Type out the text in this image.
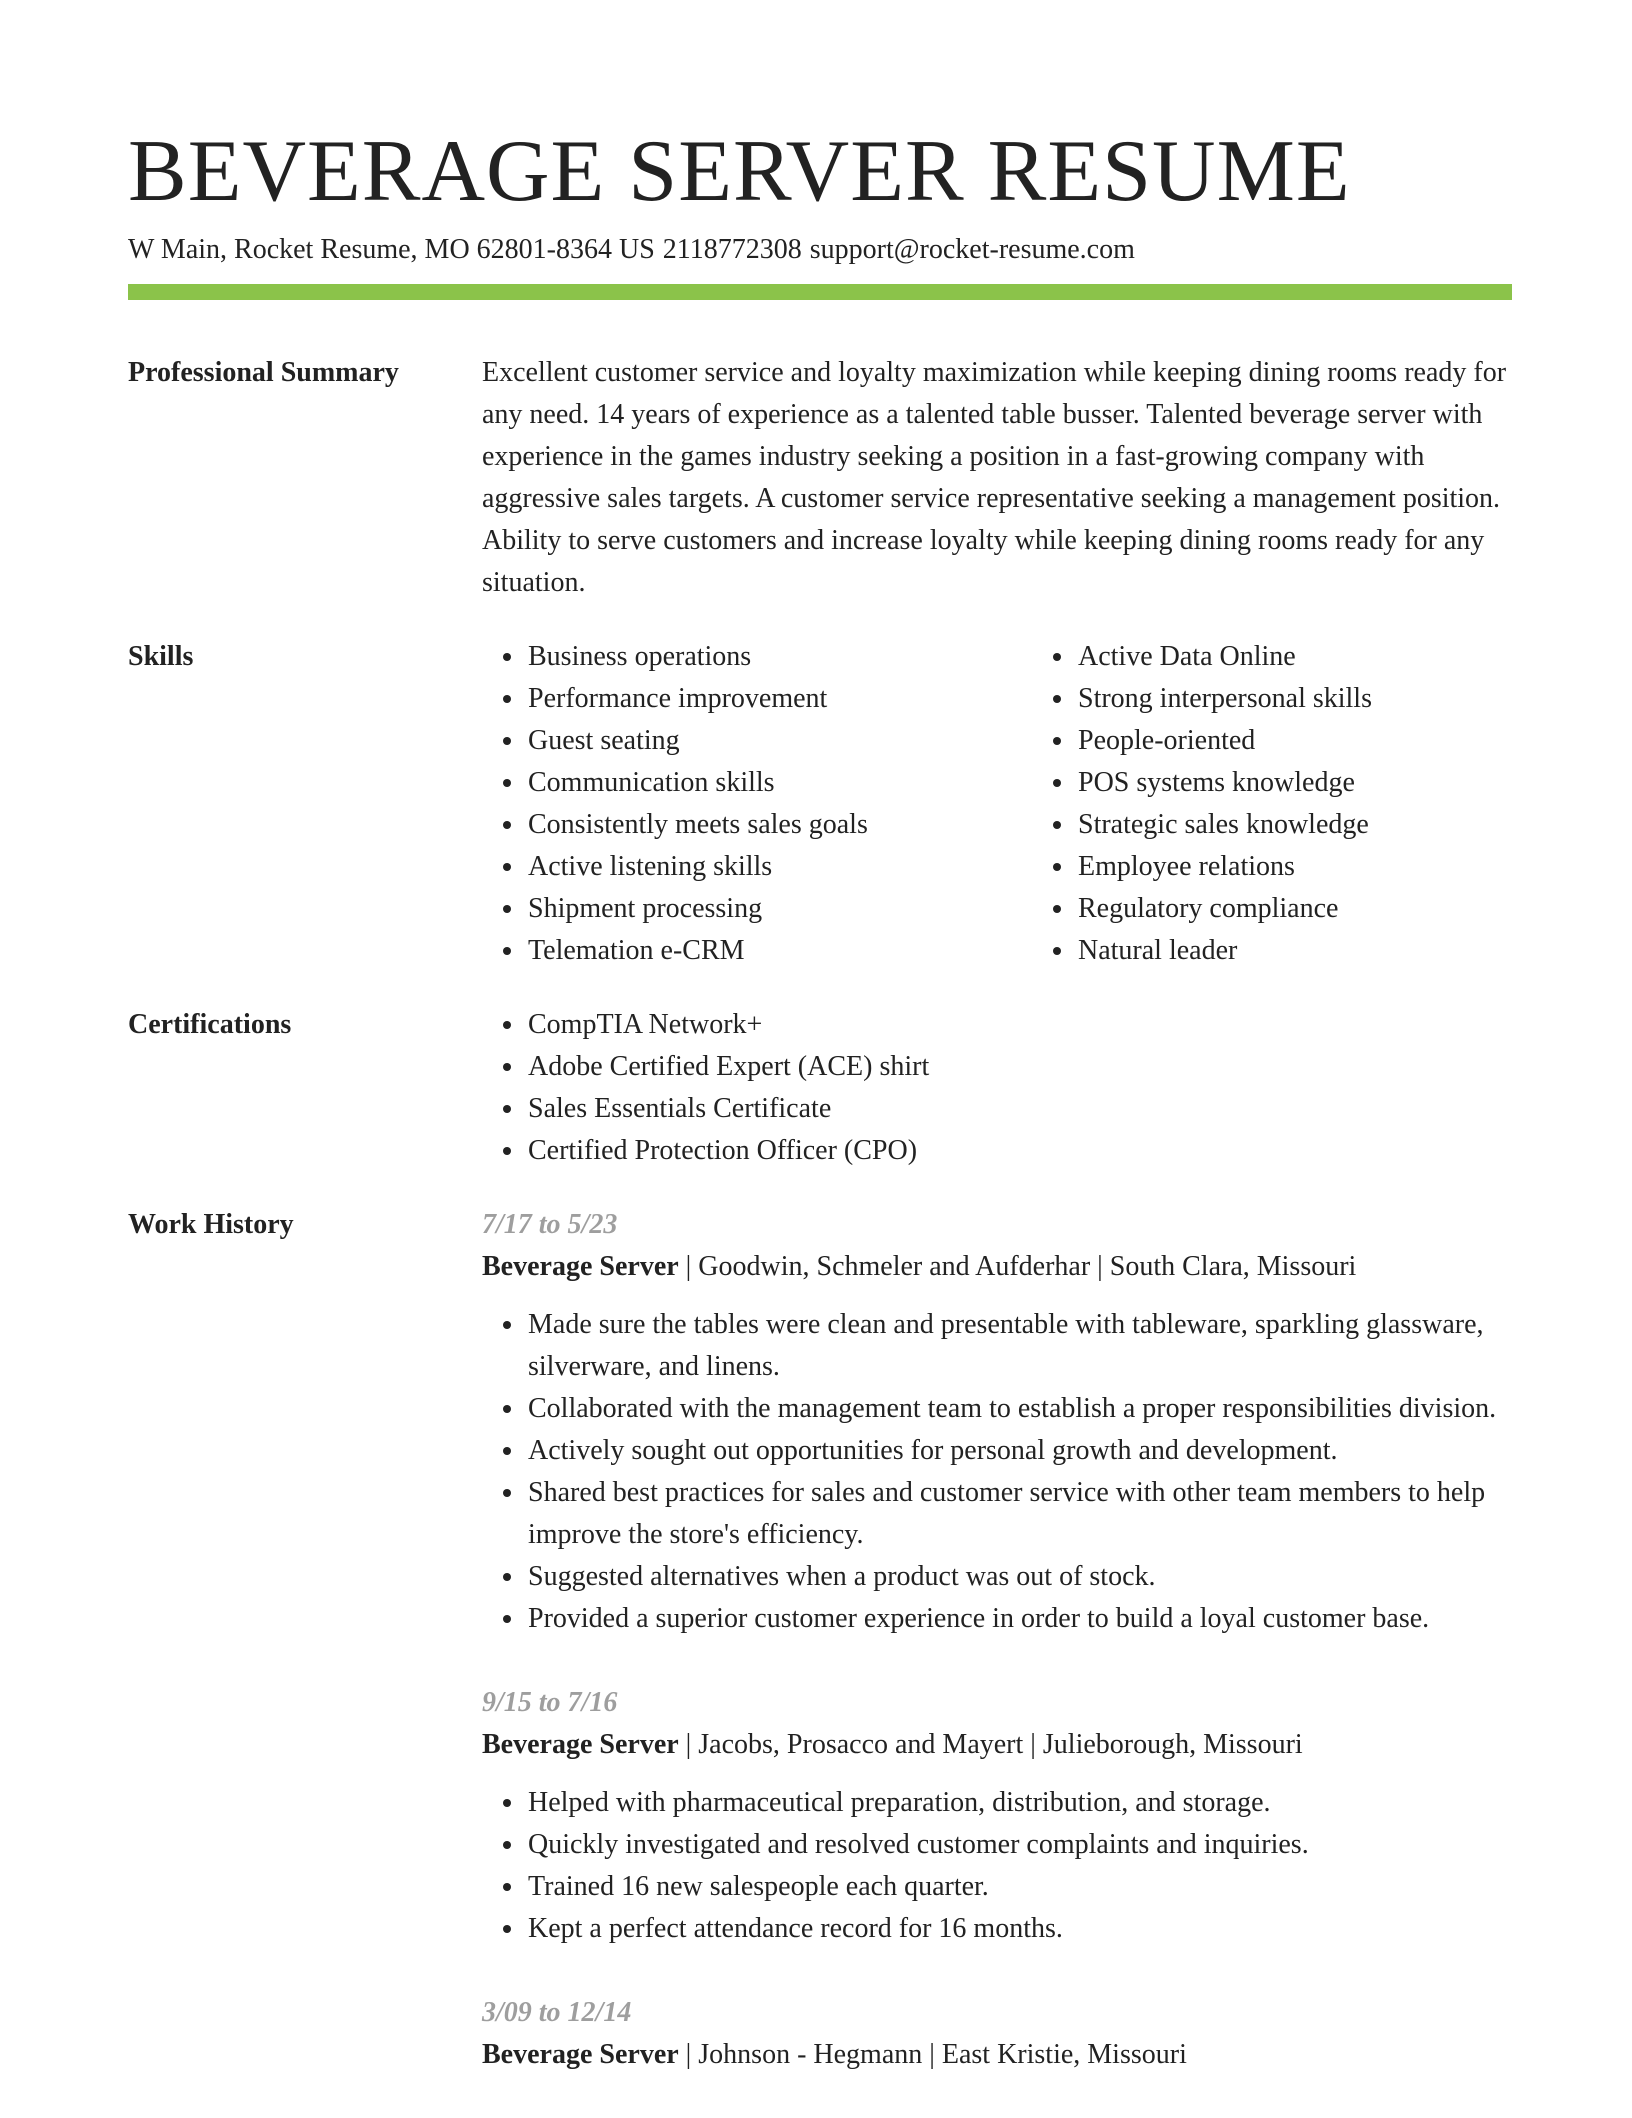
BEVERAGE SERVER RESUME
W Main, Rocket Resume, MO 62801-8364 US 2118772308 support@rocket-resume.com
Professional Summary	Excellent customer service and loyalty maximization while keeping dining rooms ready for any need. 14 years of experience as a talented table busser. Talented beverage server with experience in the games industry seeking a position in a fast-growing company with aggressive sales targets. A customer service representative seeking a management position. Ability to serve customers and increase loyalty while keeping dining rooms ready for any situation.
Skills	• Business operations
• Performance improvement
• Guest seating
• Communication skills
• Consistently meets sales goals
• Active listening skills
• Shipment processing
• Telemation e-CRM
• Active Data Online
• Strong interpersonal skills
• People-oriented
• POS systems knowledge
• Strategic sales knowledge
• Employee relations
• Regulatory compliance
• Natural leader
Certifications	• CompTIA Network+
• Adobe Certified Expert (ACE) shirt
• Sales Essentials Certificate
• Certified Protection Officer (CPO)
Work History	7/17 to 5/23
Beverage Server | Goodwin, Schmeler and Aufderhar | South Clara, Missouri
• Made sure the tables were clean and presentable with tableware, sparkling glassware, silverware, and linens.
• Collaborated with the management team to establish a proper responsibilities division.
• Actively sought out opportunities for personal growth and development.
• Shared best practices for sales and customer service with other team members to help improve the store's efficiency.
• Suggested alternatives when a product was out of stock.
• Provided a superior customer experience in order to build a loyal customer base.
9/15 to 7/16
Beverage Server | Jacobs, Prosacco and Mayert | Julieborough, Missouri
• Helped with pharmaceutical preparation, distribution, and storage.
• Quickly investigated and resolved customer complaints and inquiries.
• Trained 16 new salespeople each quarter.
• Kept a perfect attendance record for 16 months.
3/09 to 12/14
Beverage Server | Johnson - Hegmann | East Kristie, Missouri
